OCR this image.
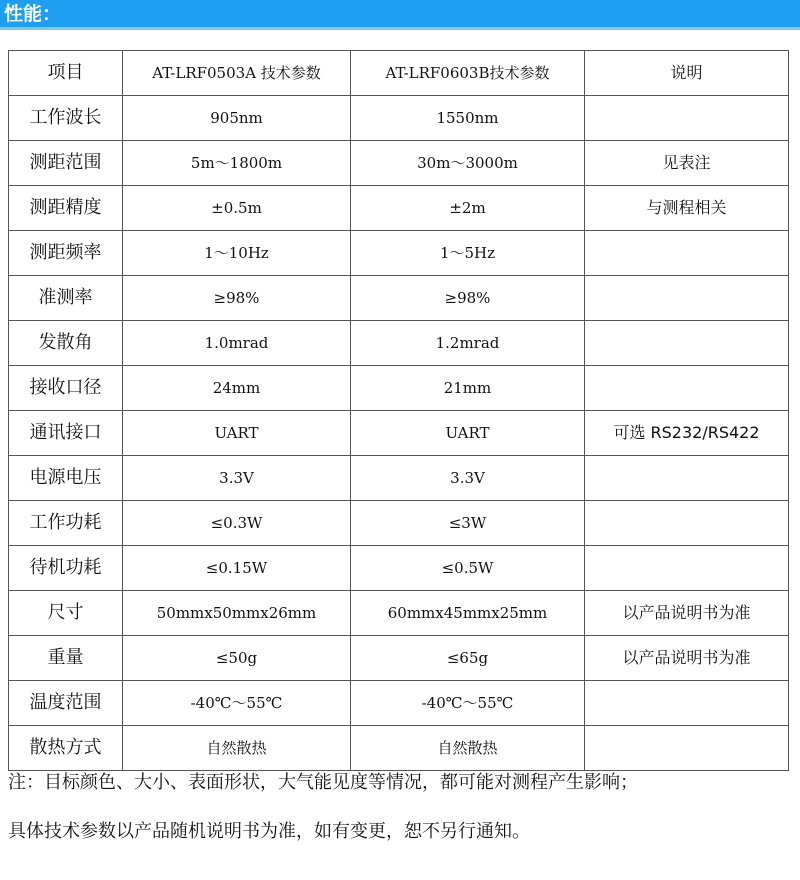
性能：
项目	AT-LRF0503A 技术参数	AT-LRF0603B技术参数	说明
工作波长	905nm	1550nm	
测距范围	5m～1800m	30m～3000m	见表注
测距精度	±0.5m	±2m	与测程相关
测距频率	1～10Hz	1～5Hz	
准测率	≥98%	≥98%	
发散角	1.0mrad	1.2mrad	
接收口径	24mm	21mm	
通讯接口	UART	UART	可选 RS232/RS422
电源电压	3.3V	3.3V	
工作功耗	≤0.3W	≤3W	
待机功耗	≤0.15W	≤0.5W	
尺寸	50mmx50mmx26mm	60mmx45mmx25mm	以产品说明书为准
重量	≤50g	≤65g	以产品说明书为准
温度范围	-40℃～55℃	-40℃～55℃	
散热方式	自然散热	自然散热	
注：目标颜色、大小、表面形状，大气能见度等情况，都可能对测程产生影响；
具体技术参数以产品随机说明书为准，如有变更，恕不另行通知。
